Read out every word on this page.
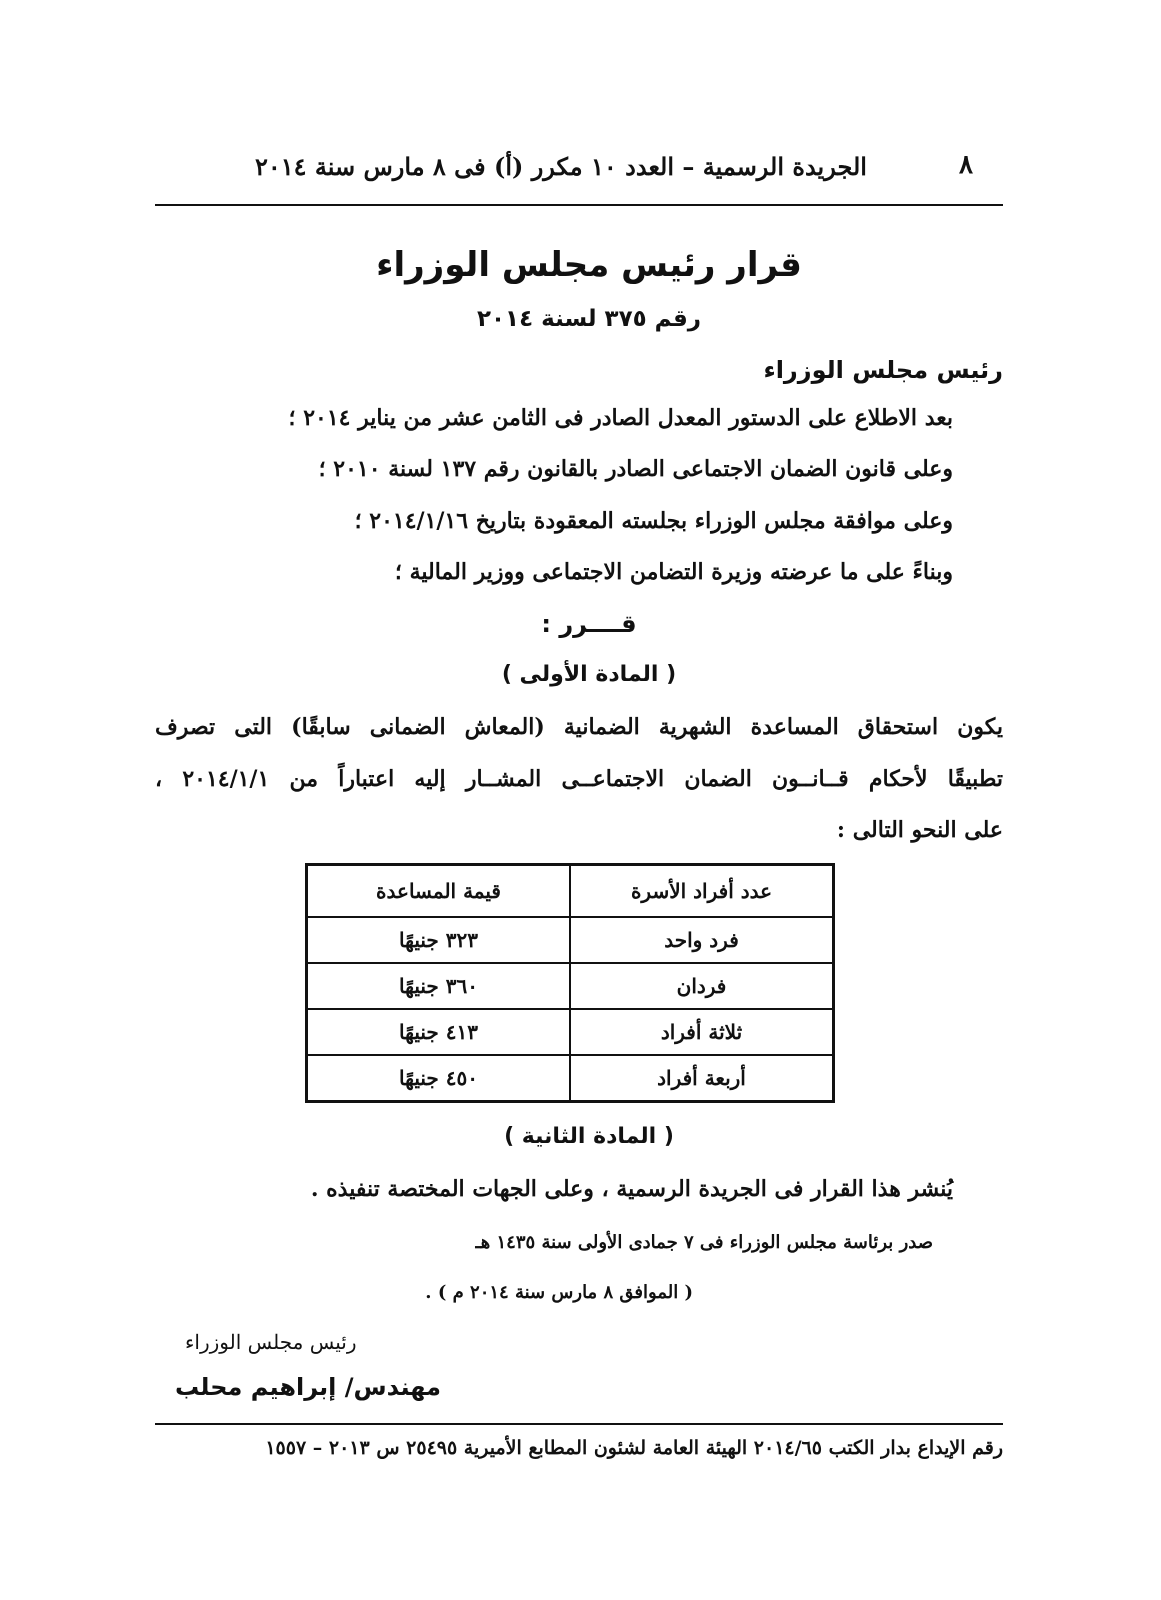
٨
الجريدة الرسمية – العدد ١٠ مكرر (أ) فى ٨ مارس سنة ٢٠١٤
قرار رئيس مجلس الوزراء
رقم ٣٧٥ لسنة ٢٠١٤
رئيس مجلس الوزراء
بعد الاطلاع على الدستور المعدل الصادر فى الثامن عشر من يناير ٢٠١٤ ؛
وعلى قانون الضمان الاجتماعى الصادر بالقانون رقم ١٣٧ لسنة ٢٠١٠ ؛
وعلى موافقة مجلس الوزراء بجلسته المعقودة بتاريخ ٢٠١٤/١/١٦ ؛
وبناءً على ما عرضته وزيرة التضامن الاجتماعى ووزير المالية ؛
قــــرر :
( المادة الأولى )
يكون استحقاق المساعدة الشهرية الضمانية (المعاش الضمانى سابقًا) التى تصرف
تطبيقًا لأحكام قــانــون الضمان الاجتماعــى المشــار إليه اعتباراً من ٢٠١٤/١/١ ،
على النحو التالى :
عدد أفراد الأسرة	قيمة المساعدة
فرد واحد	٣٢٣ جنيهًا
فردان	٣٦٠ جنيهًا
ثلاثة أفراد	٤١٣ جنيهًا
أربعة أفراد	٤٥٠ جنيهًا
( المادة الثانية )
يُنشر هذا القرار فى الجريدة الرسمية ، وعلى الجهات المختصة تنفيذه .
صدر برئاسة مجلس الوزراء فى ٧ جمادى الأولى سنة ١٤٣٥ هـ
( الموافق ٨ مارس سنة ٢٠١٤ م ) .
رئيس مجلس الوزراء
مهندس/ إبراهيم محلب
رقم الإيداع بدار الكتب ٢٠١٤/٦٥ الهيئة العامة لشئون المطابع الأميرية ٢٥٤٩٥ س ٢٠١٣ – ١٥٥٧
